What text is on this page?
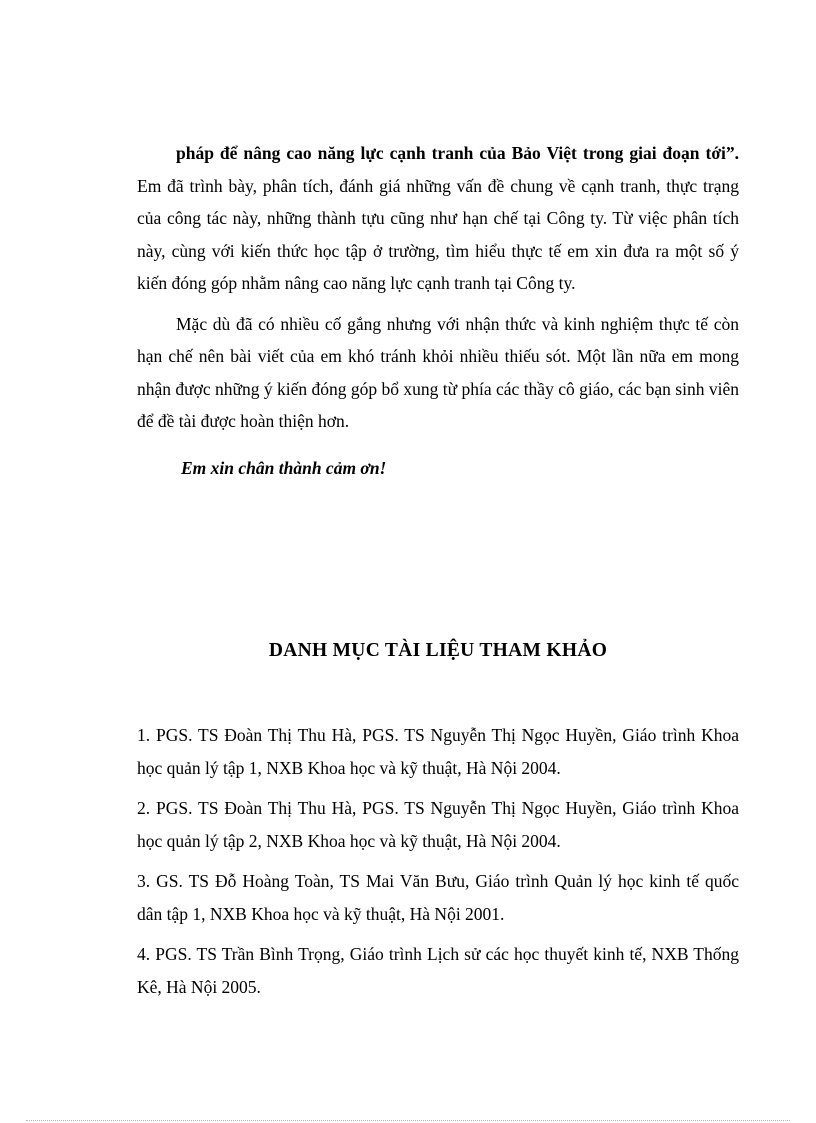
pháp để nâng cao năng lực cạnh tranh của Bảo Việt trong giai đoạn tới”. Em đã trình bày, phân tích, đánh giá những vấn đề chung về cạnh tranh, thực trạng của công tác này, những thành tựu cũng như hạn chế tại Công ty. Từ việc phân tích này, cùng với kiến thức học tập ở trường, tìm hiểu thực tế em xin đưa ra một số ý kiến đóng góp nhằm nâng cao năng lực cạnh tranh tại Công ty.

Mặc dù đã có nhiều cố gắng nhưng với nhận thức và kinh nghiệm thực tế còn hạn chế nên bài viết của em khó tránh khỏi nhiều thiếu sót. Một lần nữa em mong nhận được những ý kiến đóng góp bổ xung từ phía các thầy cô giáo, các bạn sinh viên để đề tài được hoàn thiện hơn.

Em xin chân thành cảm ơn!

DANH MỤC TÀI LIỆU THAM KHẢO

1. PGS. TS Đoàn Thị Thu Hà, PGS. TS Nguyễn Thị Ngọc Huyền, Giáo trình Khoa học quản lý tập 1, NXB Khoa học và kỹ thuật, Hà Nội 2004.

2. PGS. TS Đoàn Thị Thu Hà, PGS. TS Nguyễn Thị Ngọc Huyền, Giáo trình Khoa học quản lý tập 2, NXB Khoa học và kỹ thuật, Hà Nội 2004.

3. GS. TS Đỗ Hoàng Toàn, TS Mai Văn Bưu, Giáo trình Quản lý học kinh tế quốc dân tập 1, NXB Khoa học và kỹ thuật, Hà Nội 2001.

4. PGS. TS Trần Bình Trọng, Giáo trình Lịch sử các học thuyết kinh tế, NXB Thống Kê, Hà Nội 2005.
